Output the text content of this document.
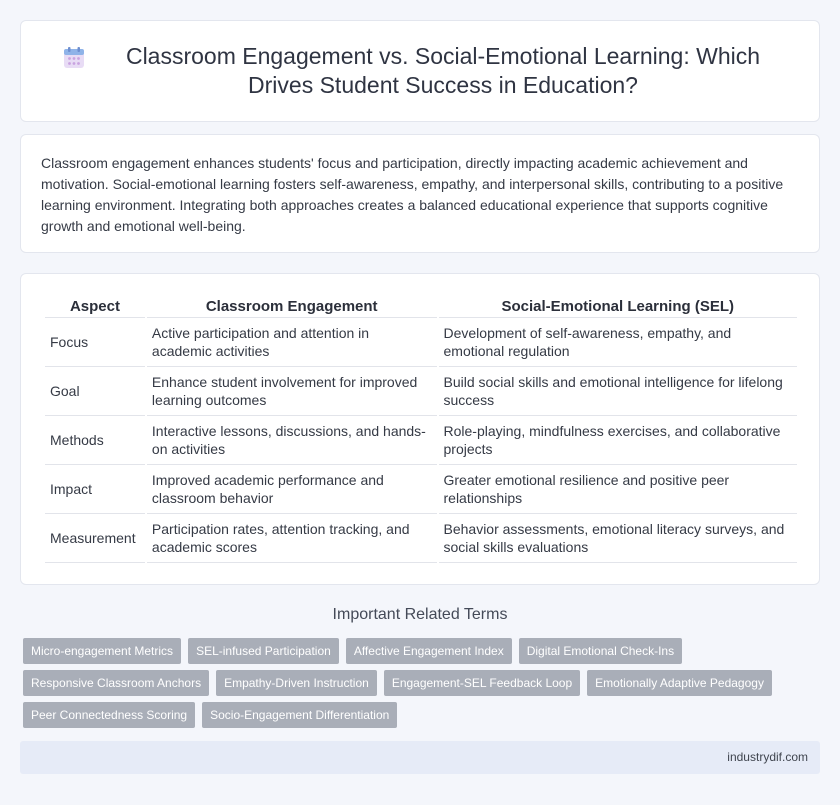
Classroom Engagement vs. Social-Emotional Learning: Which Drives Student Success in Education?

Classroom engagement enhances students' focus and participation, directly impacting academic achievement and motivation. Social-emotional learning fosters self-awareness, empathy, and interpersonal skills, contributing to a positive learning environment. Integrating both approaches creates a balanced educational experience that supports cognitive growth and emotional well-being.

Aspect	Classroom Engagement	Social-Emotional Learning (SEL)
Focus	Active participation and attention in academic activities	Development of self-awareness, empathy, and emotional regulation
Goal	Enhance student involvement for improved learning outcomes	Build social skills and emotional intelligence for lifelong success
Methods	Interactive lessons, discussions, and hands-on activities	Role-playing, mindfulness exercises, and collaborative projects
Impact	Improved academic performance and classroom behavior	Greater emotional resilience and positive peer relationships
Measurement	Participation rates, attention tracking, and academic scores	Behavior assessments, emotional literacy surveys, and social skills evaluations
Important Related Terms
Micro-engagement Metrics	SEL-infused Participation	Affective Engagement Index	Digital Emotional Check-Ins
Responsive Classroom Anchors	Empathy-Driven Instruction	Engagement-SEL Feedback Loop	Emotionally Adaptive Pedagogy
Peer Connectedness Scoring	Socio-Engagement Differentiation
industrydif.com
